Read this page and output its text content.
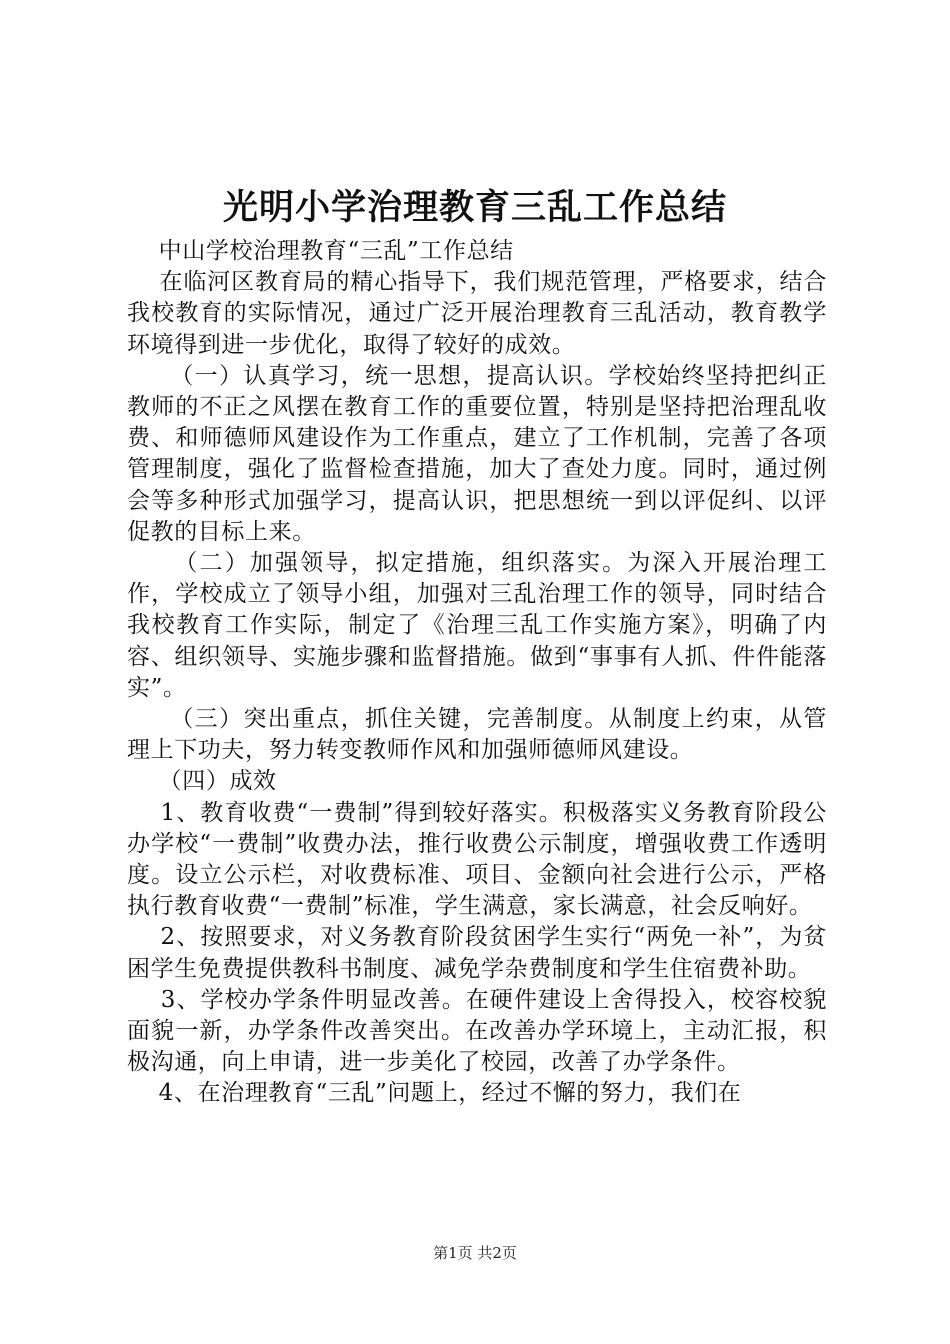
光明小学治理教育三乱工作总结

中山学校治理教育“三乱”工作总结

在临河区教育局的精心指导下，我们规范管理，严格要求，结合我校教育的实际情况，通过广泛开展治理教育三乱活动，教育教学环境得到进一步优化，取得了较好的成效。

（一）认真学习，统一思想，提高认识。学校始终坚持把纠正教师的不正之风摆在教育工作的重要位置，特别是坚持把治理乱收费、和师德师风建设作为工作重点，建立了工作机制，完善了各项管理制度，强化了监督检查措施，加大了查处力度。同时，通过例会等多种形式加强学习，提高认识，把思想统一到以评促纠、以评促教的目标上来。

（二）加强领导，拟定措施，组织落实。为深入开展治理工作，学校成立了领导小组，加强对三乱治理工作的领导，同时结合我校教育工作实际，制定了《治理三乱工作实施方案》，明确了内容、组织领导、实施步骤和监督措施。做到“事事有人抓、件件能落实”。

（三）突出重点，抓住关键，完善制度。从制度上约束，从管理上下功夫，努力转变教师作风和加强师德师风建设。

（四）成效

1、教育收费“一费制”得到较好落实。积极落实义务教育阶段公办学校“一费制”收费办法，推行收费公示制度，增强收费工作透明度。设立公示栏，对收费标准、项目、金额向社会进行公示，严格执行教育收费“一费制”标准，学生满意，家长满意，社会反响好。

2、按照要求，对义务教育阶段贫困学生实行“两免一补”，为贫困学生免费提供教科书制度、减免学杂费制度和学生住宿费补助。

3、学校办学条件明显改善。在硬件建设上舍得投入，校容校貌面貌一新，办学条件改善突出。在改善办学环境上，主动汇报，积极沟通，向上申请，进一步美化了校园，改善了办学条件。

4、在治理教育“三乱”问题上，经过不懈的努力，我们在

第1页 共2页
